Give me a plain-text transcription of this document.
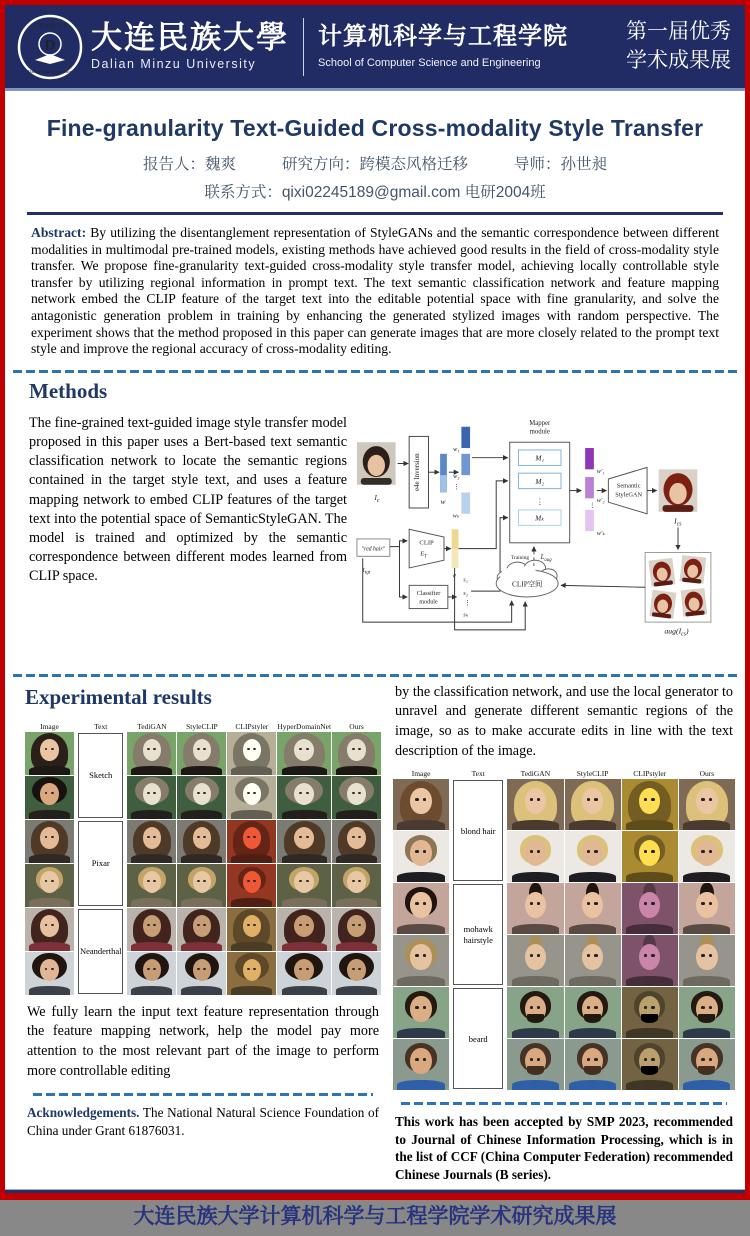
大连民族大学
D
Dalian Minzu University
大连民族大學
Dalian Minzu University
计算机科学与工程学院
School of Computer Science and Engineering
第一届优秀
学术成果展
Fine-granularity Text-Guided Cross-modality Style Transfer
报告人：魏爽	研究方向：跨模态风格迁移	导师：孙世昶
联系方式：qixi02245189@gmail.com 电研2004班

Abstract: By utilizing the disentanglement representation of StyleGANs and the semantic correspondence between different modalities in multimodal pre-trained models, existing methods have achieved good results in the field of cross-modality style transfer. We propose fine-granularity text-guided cross-modality style transfer model, achieving locally controllable style transfer by utilizing regional information in prompt text. The text semantic classification network and feature mapping network embed the CLIP feature of the target text into the editable potential space with fine granularity, and solve the antagonistic generation problem in training by enhancing the generated stylized images with random perspective. The experiment shows that the method proposed in this paper can generate images that are more closely related to the prompt text style and improve the regional accuracy of cross-modality editing.

Methods

The fine-grained text-guided image style transfer model proposed in this paper uses a Bert-based text semantic classification network to locate the semantic regions contained in the target style text, and uses a feature mapping network to embed CLIP features of the target text into the potential space of SemanticStyleGAN. The model is trained and optimized by the semantic correspondence between different modes learned from CLIP space.

$I_c$
e4e Inversion
w
w₁
w₂
⋮
wₖ
Mapper
module
M₁
M₂
⋮
Mₖ
w′₁
w′₂
⋮
w′ₖ
Semantic
StyleGAN
$I_{cs}$
$aug(I_{cs})$
"red hair"
$t_{tgt}$
CLIP
$E_T$
e
Classifier
module
s₁
s₂
⋮
sₖ
CLIP空间
Training $L_{aug}$
Experimental results
Image	Text	TediGAN	StyleCLIP	CLIPstyler	HyperDomainNet	Ours
Sketch
Pixar
Neanderthal

We fully learn the input text feature representation through the feature mapping network, help the model pay more attention to the most relevant part of the image to perform more controllable editing

Acknowledgements. The National Natural Science Foundation of China under Grant 61876031.

by the classification network, and use the local generator to unravel and generate different semantic regions of the image, so as to make accurate edits in line with the text description of the image.

Image	Text	TediGAN	StyleCLIP	CLIPstyler	Ours
blond hair
mohawk hairstyle
beard

This work has been accepted by SMP 2023, recommended to Journal of Chinese Information Processing, which is in the list of CCF (China Computer Federation) recommended Chinese Journals (B series).

大连民族大学计算机科学与工程学院学术研究成果展
